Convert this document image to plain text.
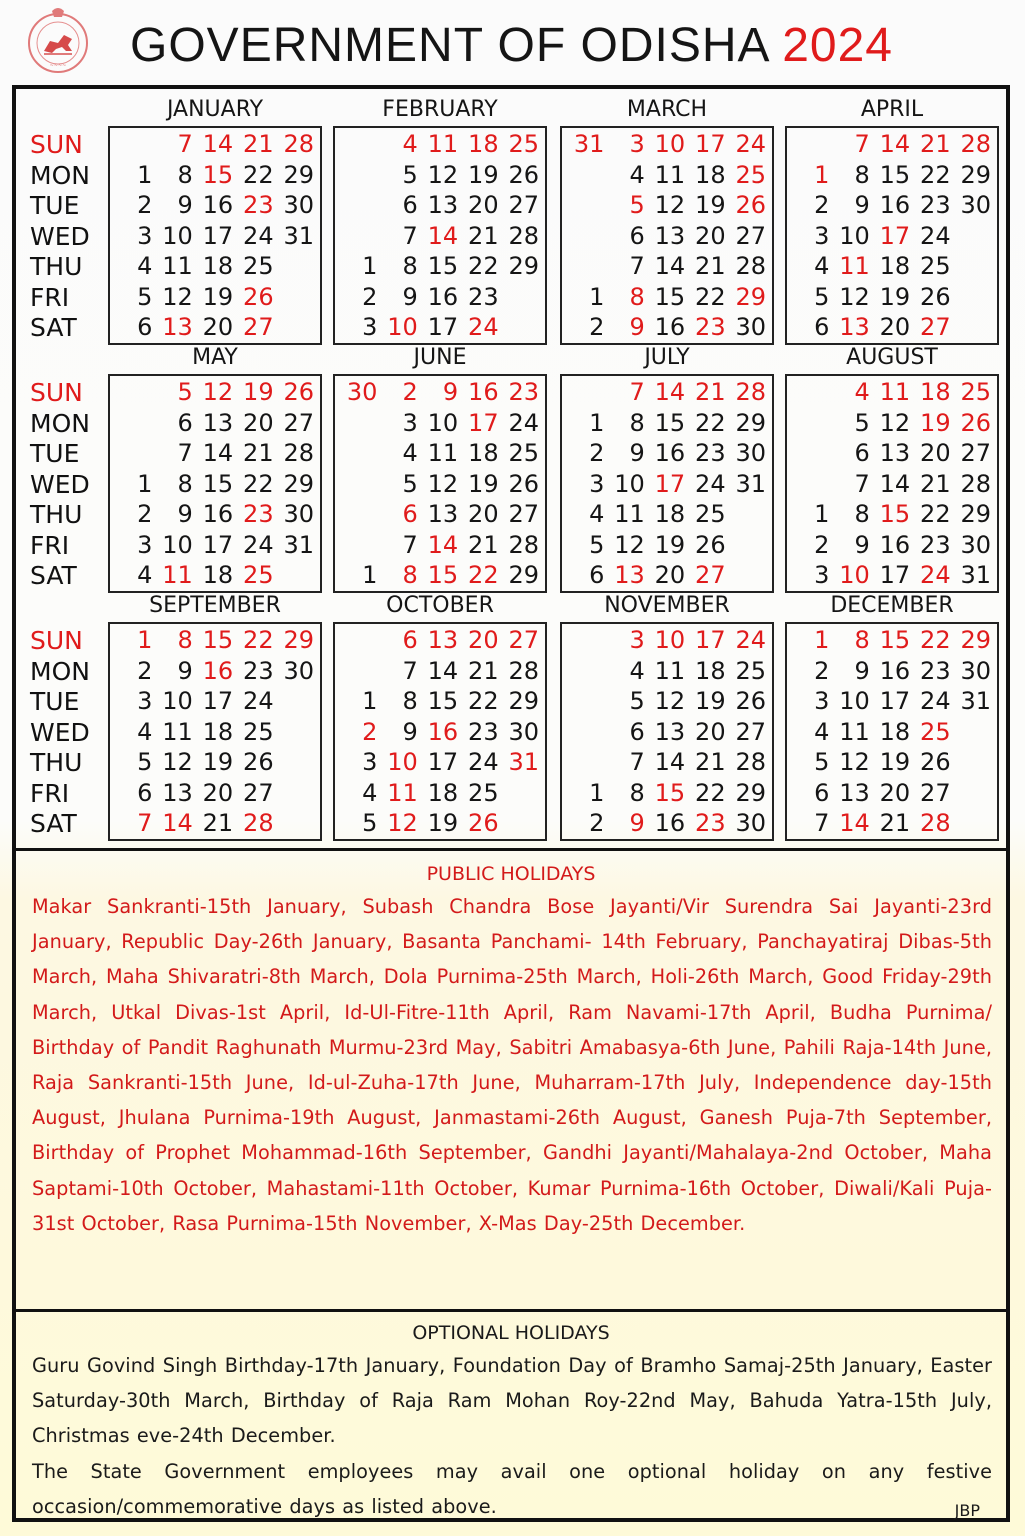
~~~~ GOVERNMENT OF ODISHA 2024
SUN
MON
TUE
WED
THU
FRI
SAT
JANUARY
1
2
3
4
5
6
7
8
9
10
11
12
13
14
15
16
17
18
19
20
21
22
23
24
25
26
27
28
29
30
31
FEBRUARY
1
2
3
4
5
6
7
8
9
10
11
12
13
14
15
16
17
18
19
20
21
22
23
24
25
26
27
28
29
MARCH
31
1
2
3
4
5
6
7
8
9
10
11
12
13
14
15
16
17
18
19
20
21
22
23
24
25
26
27
28
29
30
APRIL
1
2
3
4
5
6
7
8
9
10
11
12
13
14
15
16
17
18
19
20
21
22
23
24
25
26
27
28
29
30
SUN
MON
TUE
WED
THU
FRI
SAT
MAY
1
2
3
4
5
6
7
8
9
10
11
12
13
14
15
16
17
18
19
20
21
22
23
24
25
26
27
28
29
30
31
JUNE
30
1
2
3
4
5
6
7
8
9
10
11
12
13
14
15
16
17
18
19
20
21
22
23
24
25
26
27
28
29
JULY
1
2
3
4
5
6
7
8
9
10
11
12
13
14
15
16
17
18
19
20
21
22
23
24
25
26
27
28
29
30
31
AUGUST
1
2
3
4
5
6
7
8
9
10
11
12
13
14
15
16
17
18
19
20
21
22
23
24
25
26
27
28
29
30
31
SUN
MON
TUE
WED
THU
FRI
SAT
SEPTEMBER
1
2
3
4
5
6
7
8
9
10
11
12
13
14
15
16
17
18
19
20
21
22
23
24
25
26
27
28
29
30
OCTOBER
1
2
3
4
5
6
7
8
9
10
11
12
13
14
15
16
17
18
19
20
21
22
23
24
25
26
27
28
29
30
31
NOVEMBER
1
2
3
4
5
6
7
8
9
10
11
12
13
14
15
16
17
18
19
20
21
22
23
24
25
26
27
28
29
30
DECEMBER
1
2
3
4
5
6
7
8
9
10
11
12
13
14
15
16
17
18
19
20
21
22
23
24
25
26
27
28
29
30
31
PUBLIC HOLIDAYS
Makar Sankranti-15th January, Subash Chandra Bose Jayanti/Vir Surendra Sai Jayanti-23rd January, Republic Day-26th January, Basanta Panchami- 14th February, Panchayatiraj Dibas-5th March, Maha Shivaratri-8th March, Dola Purnima-25th March, Holi-26th March, Good Friday-29th March, Utkal Divas-1st April, Id-Ul-Fitre-11th April, Ram Navami-17th April, Budha Purnima/ Birthday of Pandit Raghunath Murmu-23rd May, Sabitri Amabasya-6th June, Pahili Raja-14th June, Raja Sankranti-15th June, Id-ul-Zuha-17th June, Muharram-17th July, Independence day-15th August, Jhulana Purnima-19th August, Janmastami-26th August, Ganesh Puja-7th September, Birthday of Prophet Mohammad-16th September, Gandhi Jayanti/Mahalaya-2nd October, Maha Saptami-10th October, Mahastami-11th October, Kumar Purnima-16th October, Diwali/Kali Puja-31st October, Rasa Purnima-15th November, X-Mas Day-25th December.
OPTIONAL HOLIDAYS
Guru Govind Singh Birthday-17th January, Foundation Day of Bramho Samaj-25th January, Easter Saturday-30th March, Birthday of Raja Ram Mohan Roy-22nd May, Bahuda Yatra-15th July, Christmas eve-24th December.
The State Government employees may avail one optional holiday on any festive occasion/commemorative days as listed above.	JBP
